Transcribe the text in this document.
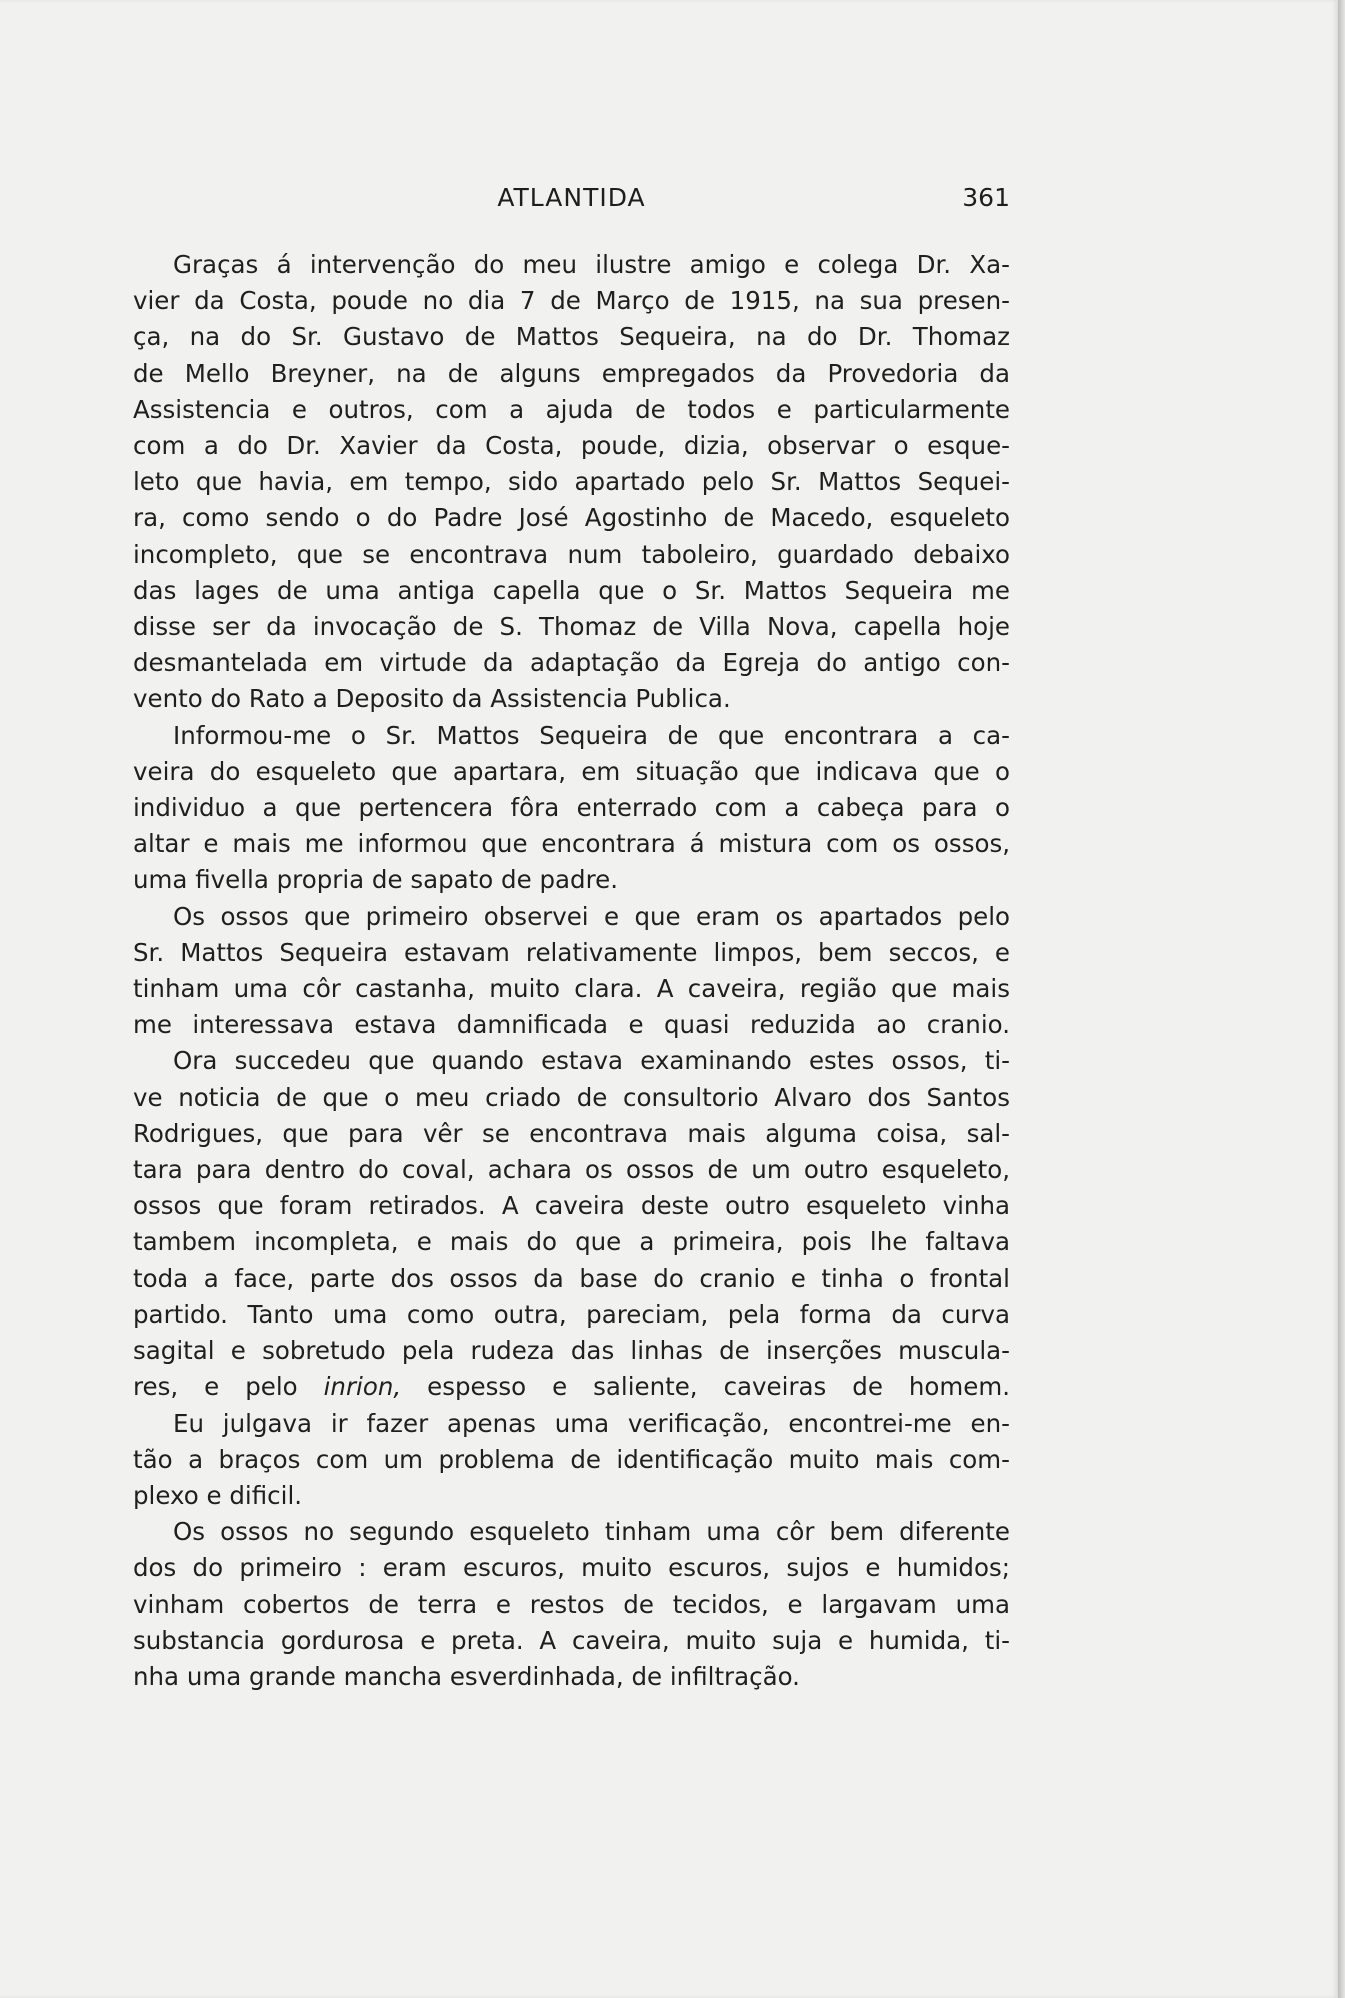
ATLANTIDA	361
Graças á intervenção do meu ilustre amigo e colega Dr. Xa-
vier da Costa, poude no dia 7 de Março de 1915, na sua presen-
ça, na do Sr. Gustavo de Mattos Sequeira, na do Dr. Thomaz
de Mello Breyner, na de alguns empregados da Provedoria da
Assistencia e outros, com a ajuda de todos e particularmente
com a do Dr. Xavier da Costa, poude, dizia, observar o esque-
leto que havia, em tempo, sido apartado pelo Sr. Mattos Sequei-
ra, como sendo o do Padre José Agostinho de Macedo, esqueleto
incompleto, que se encontrava num taboleiro, guardado debaixo
das lages de uma antiga capella que o Sr. Mattos Sequeira me
disse ser da invocação de S. Thomaz de Villa Nova, capella hoje
desmantelada em virtude da adaptação da Egreja do antigo con-
vento do Rato a Deposito da Assistencia Publica.
Informou-me o Sr. Mattos Sequeira de que encontrara a ca-
veira do esqueleto que apartara, em situação que indicava que o
individuo a que pertencera fôra enterrado com a cabeça para o
altar e mais me informou que encontrara á mistura com os ossos,
uma fivella propria de sapato de padre.
Os ossos que primeiro observei e que eram os apartados pelo
Sr. Mattos Sequeira estavam relativamente limpos, bem seccos, e
tinham uma côr castanha, muito clara. A caveira, região que mais
me interessava estava damnificada e quasi reduzida ao cranio.
Ora succedeu que quando estava examinando estes ossos, ti-
ve noticia de que o meu criado de consultorio Alvaro dos Santos
Rodrigues, que para vêr se encontrava mais alguma coisa, sal-
tara para dentro do coval, achara os ossos de um outro esqueleto,
ossos que foram retirados. A caveira deste outro esqueleto vinha
tambem incompleta, e mais do que a primeira, pois lhe faltava
toda a face, parte dos ossos da base do cranio e tinha o frontal
partido. Tanto uma como outra, pareciam, pela forma da curva
sagital e sobretudo pela rudeza das linhas de inserções muscula-
res, e pelo inrion, espesso e saliente, caveiras de homem.
Eu julgava ir fazer apenas uma verificação, encontrei-me en-
tão a braços com um problema de identificação muito mais com-
plexo e dificil.
Os ossos no segundo esqueleto tinham uma côr bem diferente
dos do primeiro : eram escuros, muito escuros, sujos e humidos;
vinham cobertos de terra e restos de tecidos, e largavam uma
substancia gordurosa e preta. A caveira, muito suja e humida, ti-
nha uma grande mancha esverdinhada, de infiltração.
